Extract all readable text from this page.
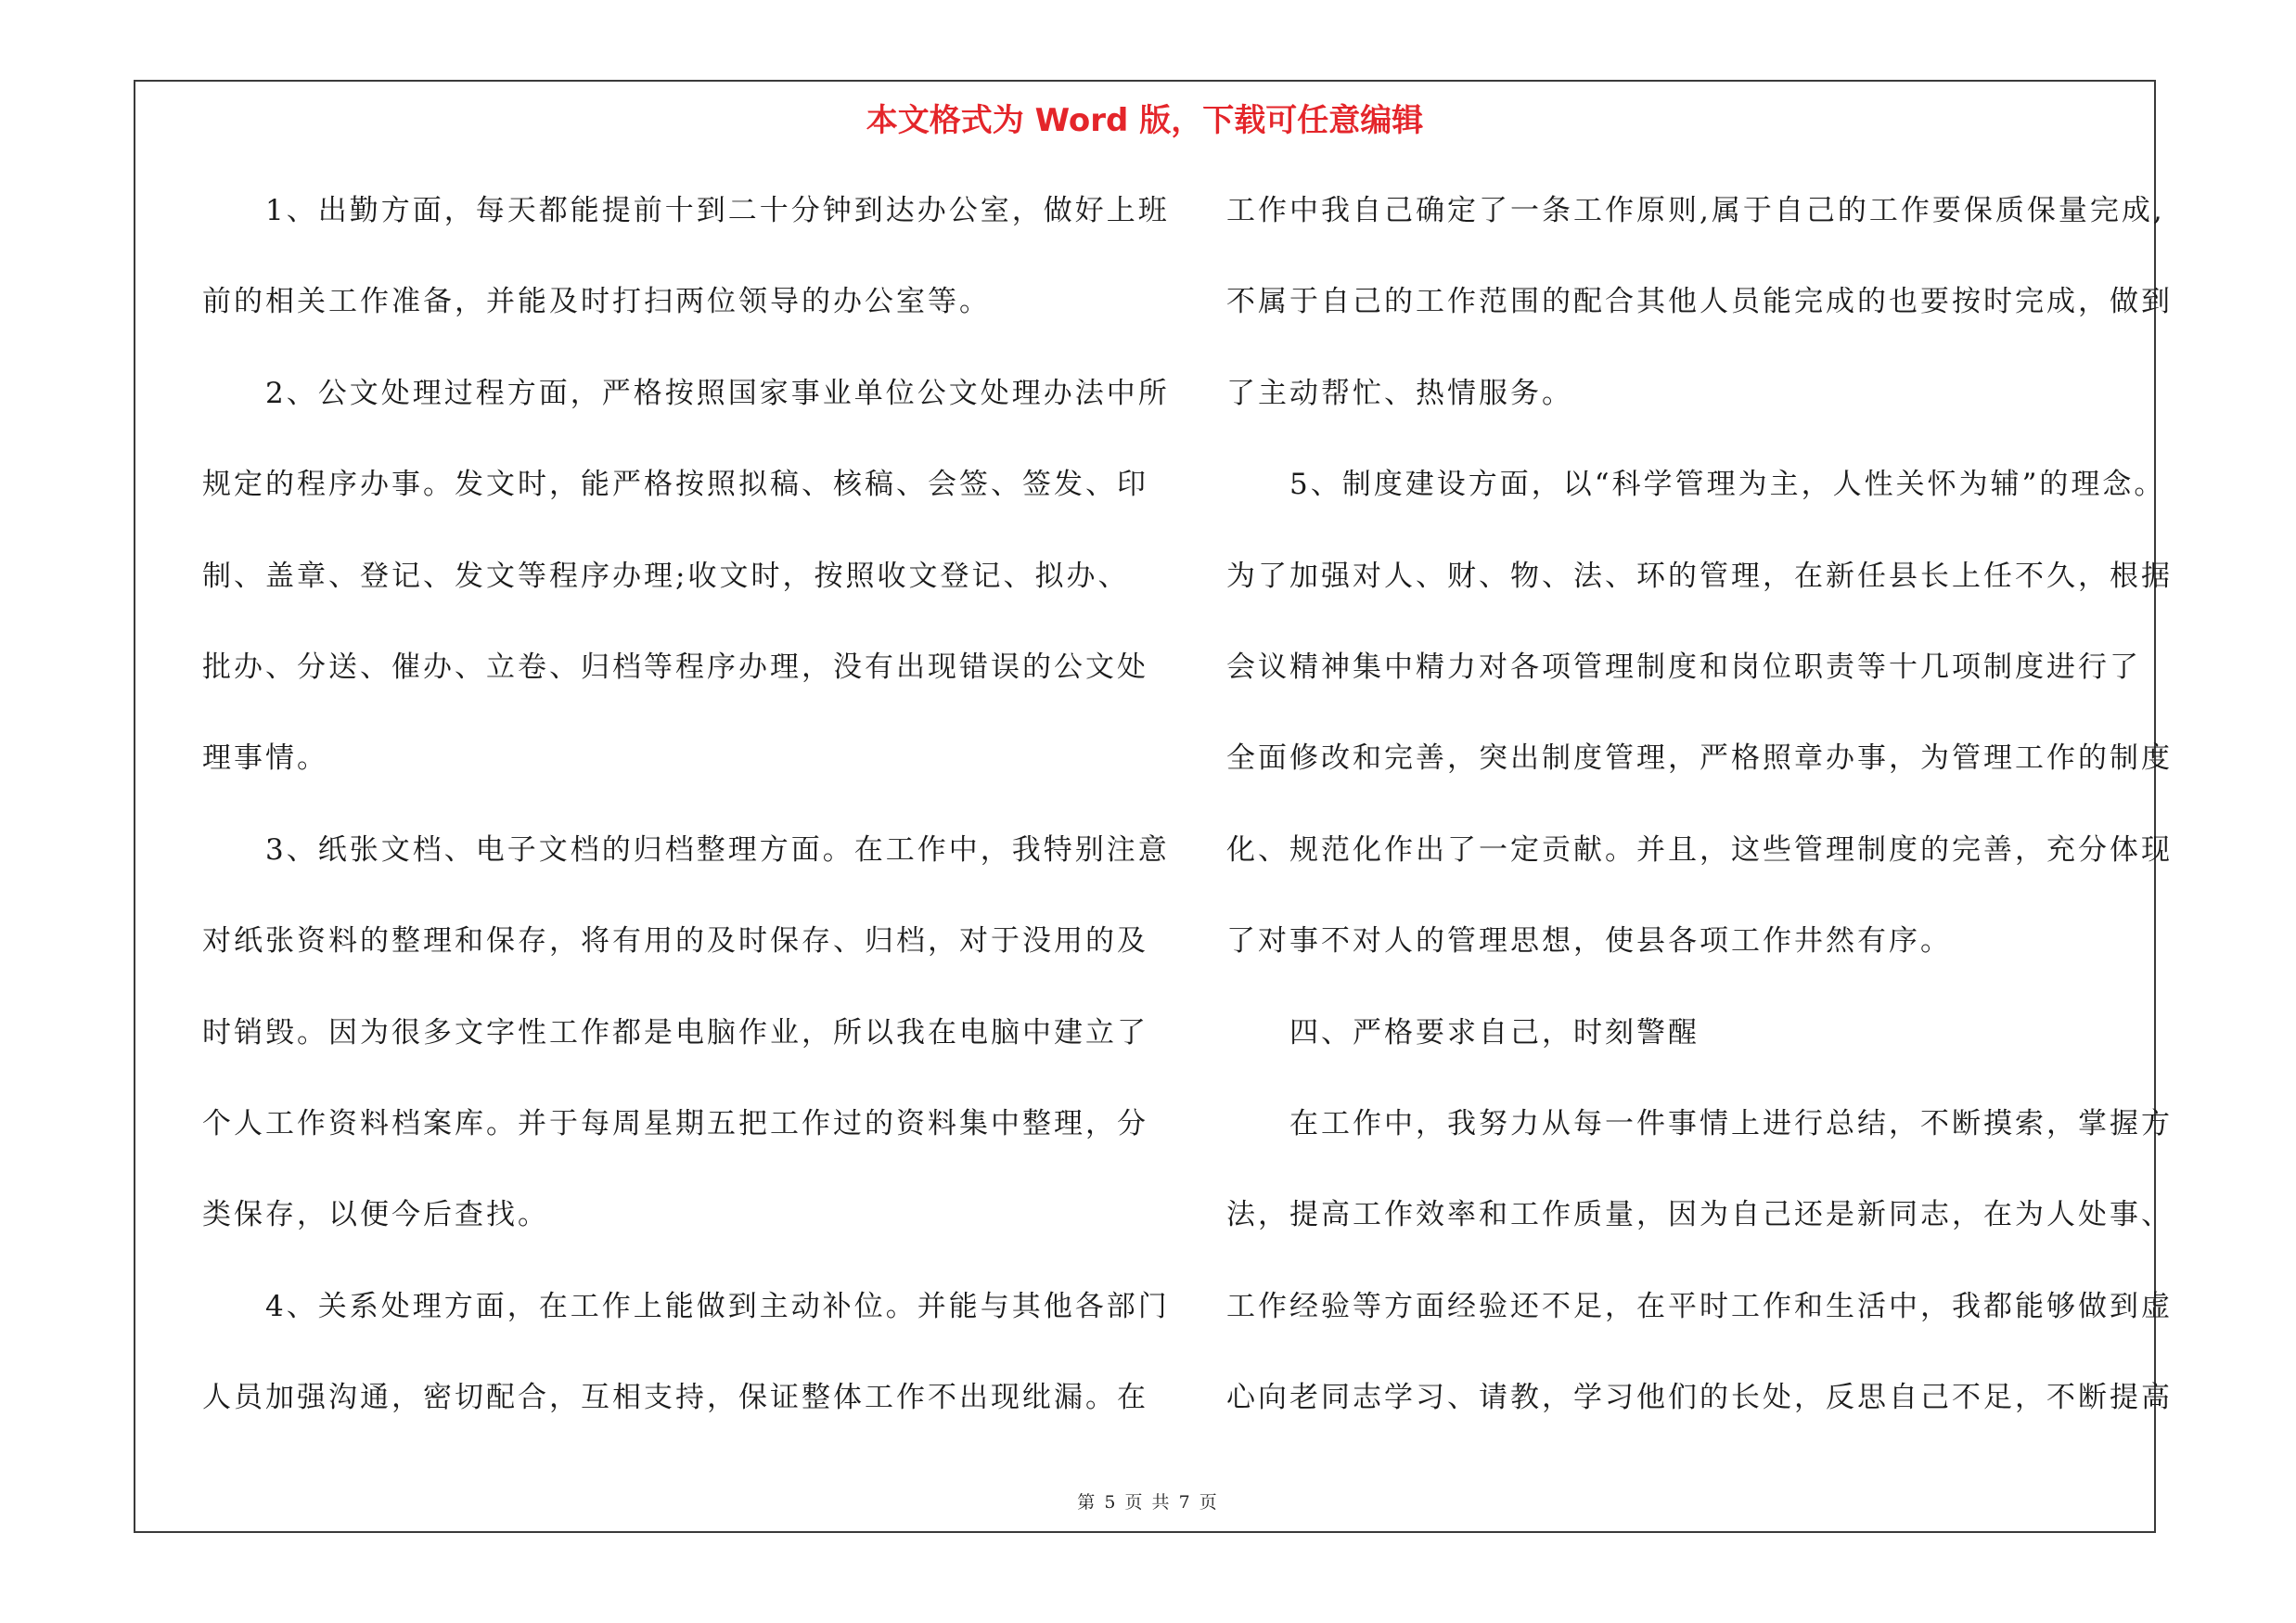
本文格式为 Word 版，下载可任意编辑
　　1、出勤方面，每天都能提前十到二十分钟到达办公室，做好上班
前的相关工作准备，并能及时打扫两位领导的办公室等。
　　2、公文处理过程方面，严格按照国家事业单位公文处理办法中所
规定的程序办事。发文时，能严格按照拟稿、核稿、会签、签发、印
制、盖章、登记、发文等程序办理;收文时，按照收文登记、拟办、
批办、分送、催办、立卷、归档等程序办理，没有出现错误的公文处
理事情。
　　3、纸张文档、电子文档的归档整理方面。在工作中，我特别注意
对纸张资料的整理和保存，将有用的及时保存、归档，对于没用的及
时销毁。因为很多文字性工作都是电脑作业，所以我在电脑中建立了
个人工作资料档案库。并于每周星期五把工作过的资料集中整理，分
类保存，以便今后查找。
　　4、关系处理方面，在工作上能做到主动补位。并能与其他各部门
人员加强沟通，密切配合，互相支持，保证整体工作不出现纰漏。在
工作中我自己确定了一条工作原则,属于自己的工作要保质保量完成,
不属于自己的工作范围的配合其他人员能完成的也要按时完成，做到
了主动帮忙、热情服务。
　　5、制度建设方面，以“科学管理为主，人性关怀为辅”的理念。
为了加强对人、财、物、法、环的管理，在新任县长上任不久，根据
会议精神集中精力对各项管理制度和岗位职责等十几项制度进行了
全面修改和完善，突出制度管理，严格照章办事，为管理工作的制度
化、规范化作出了一定贡献。并且，这些管理制度的完善，充分体现
了对事不对人的管理思想，使县各项工作井然有序。
　　四、严格要求自己，时刻警醒
　　在工作中，我努力从每一件事情上进行总结，不断摸索，掌握方
法，提高工作效率和工作质量，因为自己还是新同志，在为人处事、
工作经验等方面经验还不足，在平时工作和生活中，我都能够做到虚
心向老同志学习、请教，学习他们的长处，反思自己不足，不断提高
第 5 页 共 7 页
